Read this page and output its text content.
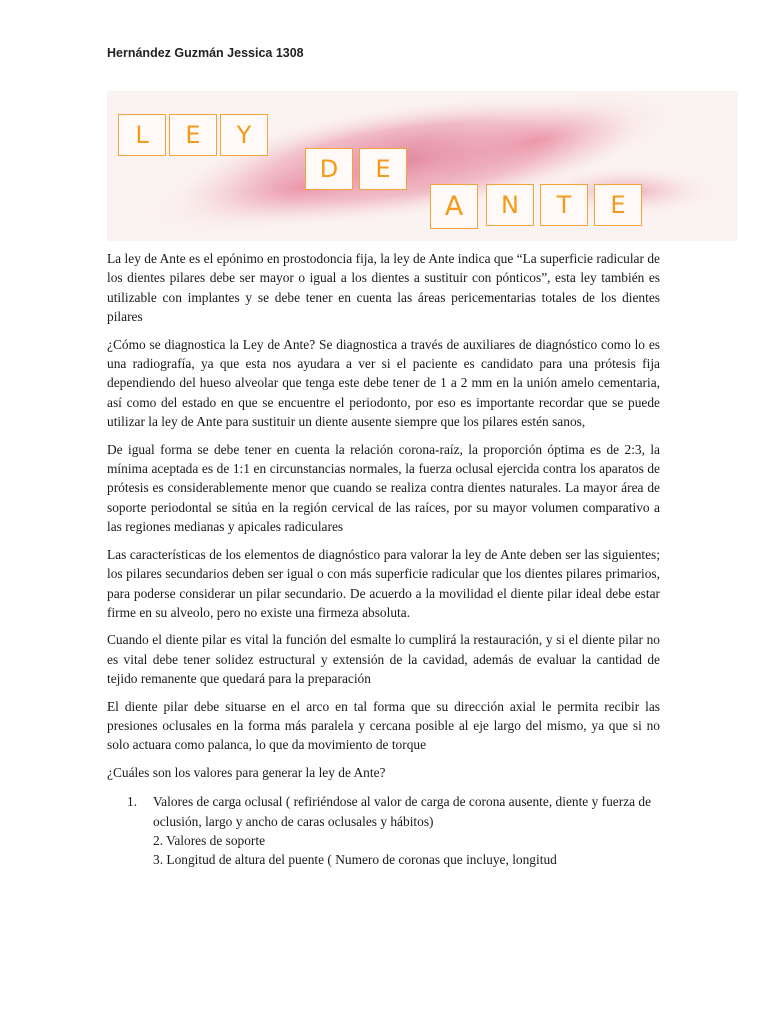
Hernández Guzmán Jessica 1308
L	E	Y
D	E
A	N	T	E

La ley de Ante es el epónimo en prostodoncia fija, la ley de Ante indica que “La superficie radicular de los dientes pilares debe ser mayor o igual a los dientes a sustituir con pónticos”, esta ley también es utilizable con implantes y se debe tener en cuenta las áreas pericementarias totales de los dientes pilares

¿Cómo se diagnostica la Ley de Ante? Se diagnostica a través de auxiliares de diagnóstico como lo es una radiografía, ya que esta nos ayudara a ver si el paciente es candidato para una prótesis fija dependiendo del hueso alveolar que tenga este debe tener de 1 a 2 mm en la unión amelo cementaria, así como del estado en que se encuentre el periodonto, por eso es importante recordar que se puede utilizar la ley de Ante para sustituir un diente ausente siempre que los pilares estén sanos,

De igual forma se debe tener en cuenta la relación corona-raíz, la proporción óptima es de 2:3, la mínima aceptada es de 1:1 en circunstancias normales, la fuerza oclusal ejercida contra los aparatos de prótesis es considerablemente menor que cuando se realiza contra dientes naturales. La mayor área de soporte periodontal se sitúa en la región cervical de las raíces, por su mayor volumen comparativo a las regiones medianas y apicales radiculares

Las características de los elementos de diagnóstico para valorar la ley de Ante deben ser las siguientes; los pilares secundarios deben ser igual o con más superficie radicular que los dientes pilares primarios, para poderse considerar un pilar secundario. De acuerdo a la movilidad el diente pilar ideal debe estar firme en su alveolo, pero no existe una firmeza absoluta.

Cuando el diente pilar es vital la función del esmalte lo cumplirá la restauración, y si el diente pilar no es vital debe tener solidez estructural y extensión de la cavidad, además de evaluar la cantidad de tejido remanente que quedará para la preparación

El diente pilar debe situarse en el arco en tal forma que su dirección axial le permita recibir las presiones oclusales en la forma más paralela y cercana posible al eje largo del mismo, ya que si no solo actuara como palanca, lo que da movimiento de torque

¿Cuáles son los valores para generar la ley de Ante?

1. Valores de carga oclusal ( refiriéndose al valor de carga de corona ausente, diente y fuerza de oclusión, largo y ancho de caras oclusales y hábitos)
2. Valores de soporte
3. Longitud de altura del puente ( Numero de coronas que incluye, longitud
